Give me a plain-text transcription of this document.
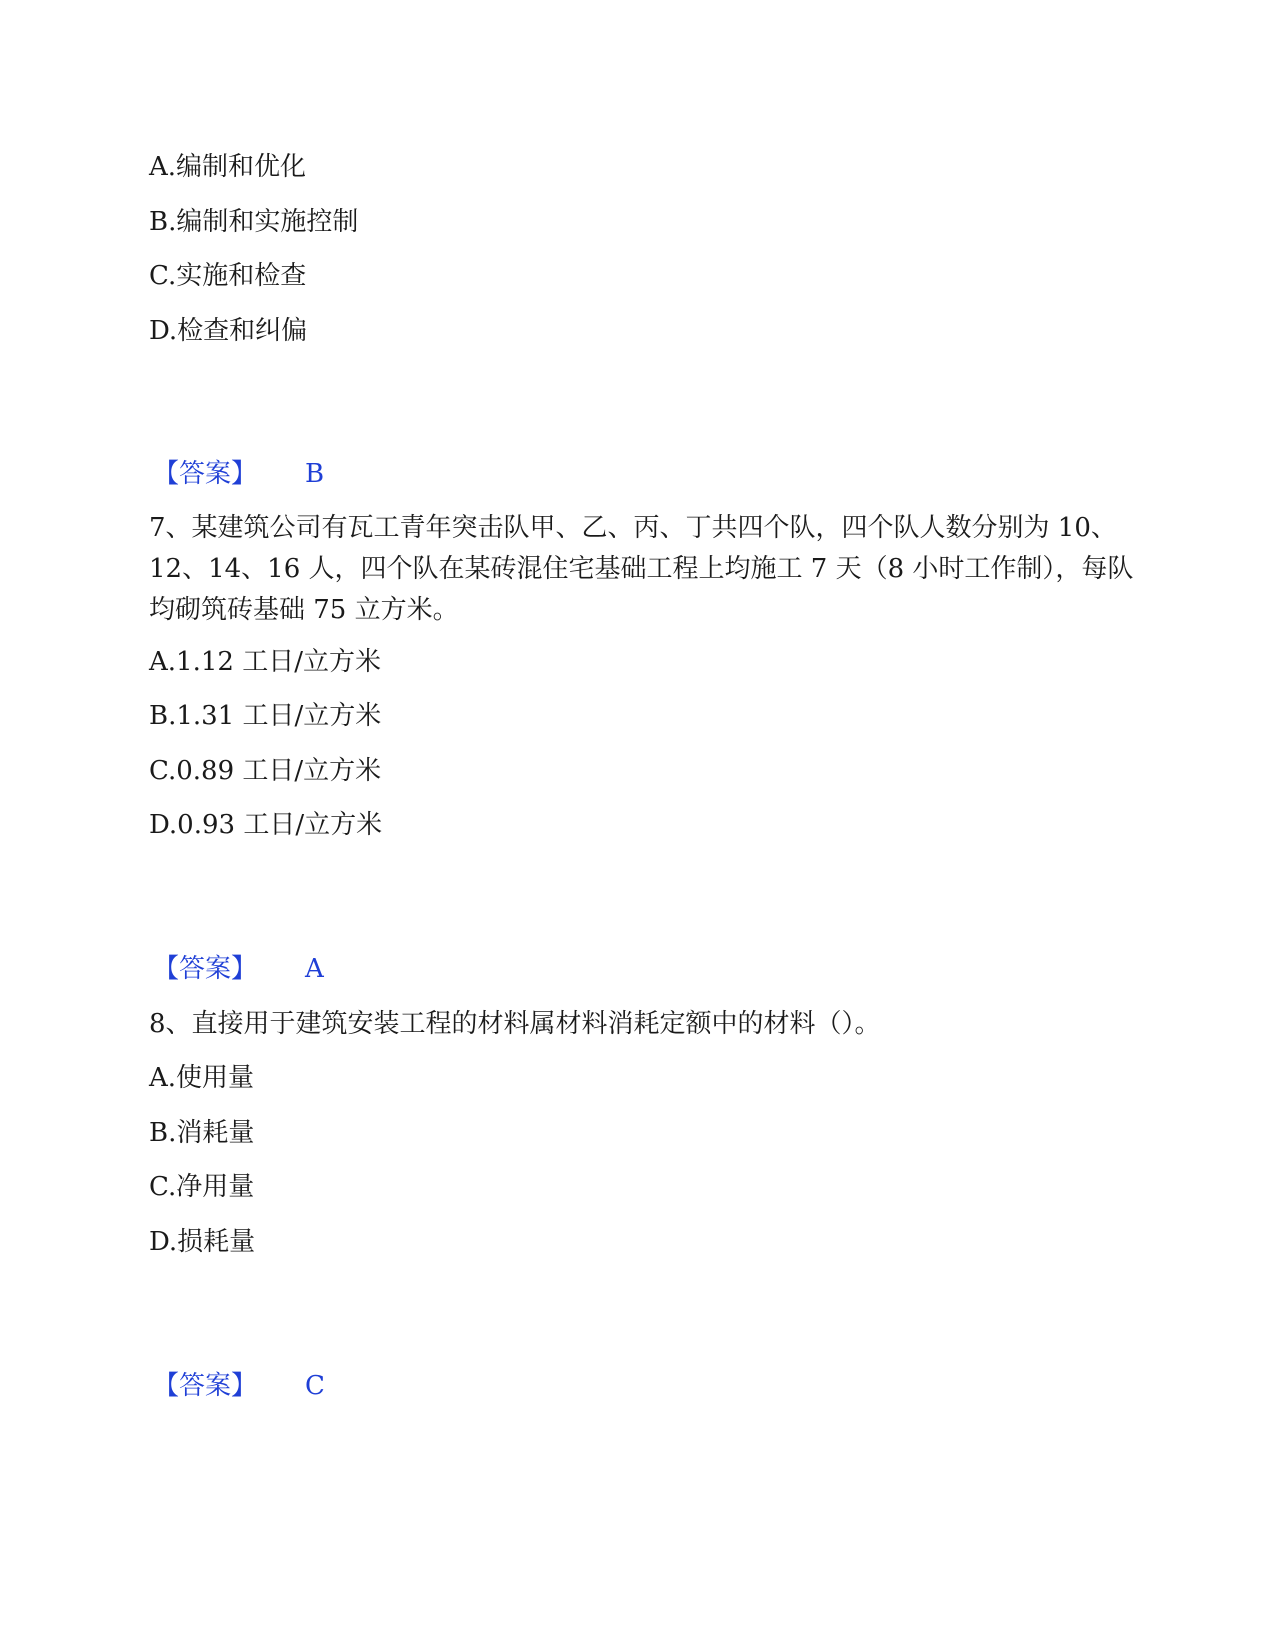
A.编制和优化
B.编制和实施控制
C.实施和检查
D.检查和纠偏
【答案】 B
7、某建筑公司有瓦工青年突击队甲、乙、丙、丁共四个队，四个队人数分别为 10、12、14、16 人，四个队在某砖混住宅基础工程上均施工 7 天（8 小时工作制），每队均砌筑砖基础 75 立方米。
A.1.12 工日/立方米
B.1.31 工日/立方米
C.0.89 工日/立方米
D.0.93 工日/立方米
【答案】 A
8、直接用于建筑安装工程的材料属材料消耗定额中的材料（）。
A.使用量
B.消耗量
C.净用量
D.损耗量
【答案】 C
